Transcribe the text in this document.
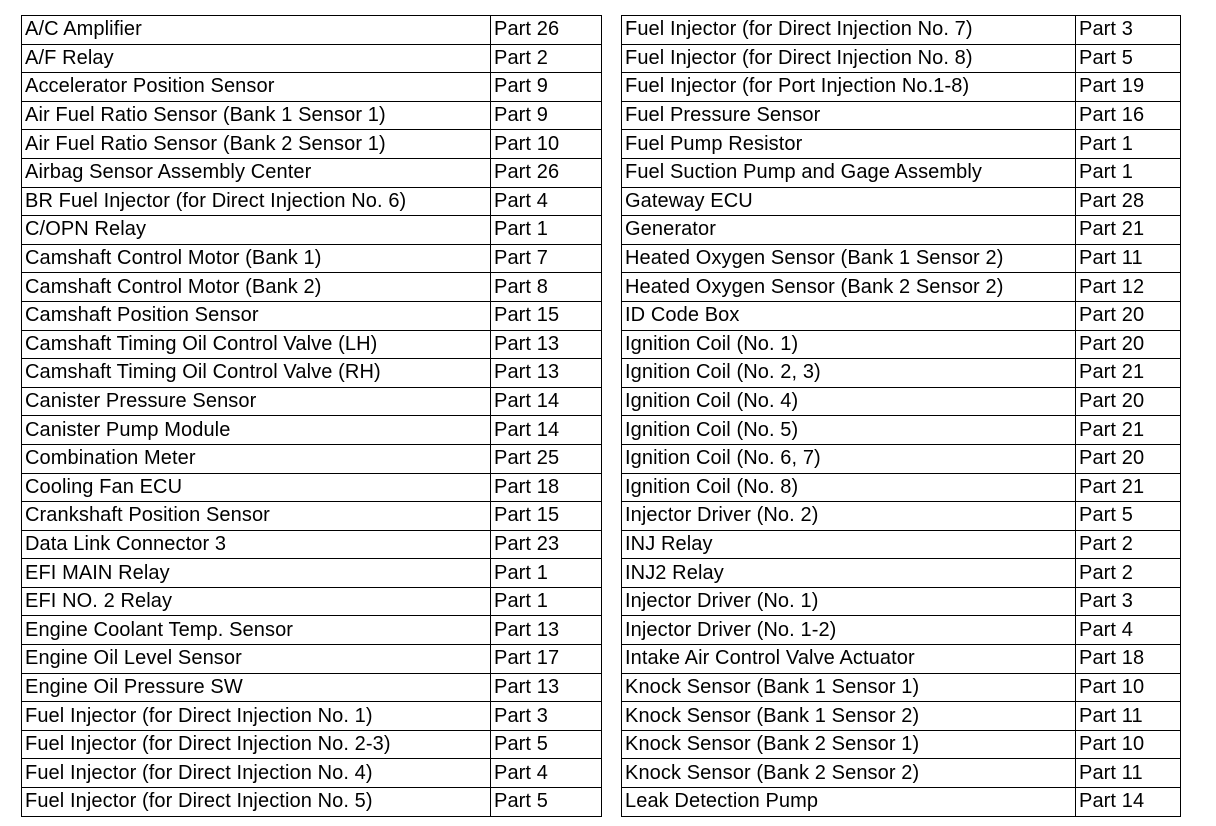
A/C Amplifier	Part 26
A/F Relay	Part 2
Accelerator Position Sensor	Part 9
Air Fuel Ratio Sensor (Bank 1 Sensor 1)	Part 9
Air Fuel Ratio Sensor (Bank 2 Sensor 1)	Part 10
Airbag Sensor Assembly Center	Part 26
BR Fuel Injector (for Direct Injection No. 6)	Part 4
C/OPN Relay	Part 1
Camshaft Control Motor (Bank 1)	Part 7
Camshaft Control Motor (Bank 2)	Part 8
Camshaft Position Sensor	Part 15
Camshaft Timing Oil Control Valve (LH)	Part 13
Camshaft Timing Oil Control Valve (RH)	Part 13
Canister Pressure Sensor	Part 14
Canister Pump Module	Part 14
Combination Meter	Part 25
Cooling Fan ECU	Part 18
Crankshaft Position Sensor	Part 15
Data Link Connector 3	Part 23
EFI MAIN Relay	Part 1
EFI NO. 2 Relay	Part 1
Engine Coolant Temp. Sensor	Part 13
Engine Oil Level Sensor	Part 17
Engine Oil Pressure SW	Part 13
Fuel Injector (for Direct Injection No. 1)	Part 3
Fuel Injector (for Direct Injection No. 2-3)	Part 5
Fuel Injector (for Direct Injection No. 4)	Part 4
Fuel Injector (for Direct Injection No. 5)	Part 5
Fuel Injector (for Direct Injection No. 7)	Part 3
Fuel Injector (for Direct Injection No. 8)	Part 5
Fuel Injector (for Port Injection No.1-8)	Part 19
Fuel Pressure Sensor	Part 16
Fuel Pump Resistor	Part 1
Fuel Suction Pump and Gage Assembly	Part 1
Gateway ECU	Part 28
Generator	Part 21
Heated Oxygen Sensor (Bank 1 Sensor 2)	Part 11
Heated Oxygen Sensor (Bank 2 Sensor 2)	Part 12
ID Code Box	Part 20
Ignition Coil (No. 1)	Part 20
Ignition Coil (No. 2, 3)	Part 21
Ignition Coil (No. 4)	Part 20
Ignition Coil (No. 5)	Part 21
Ignition Coil (No. 6, 7)	Part 20
Ignition Coil (No. 8)	Part 21
Injector Driver (No. 2)	Part 5
INJ Relay	Part 2
INJ2 Relay	Part 2
Injector Driver (No. 1)	Part 3
Injector Driver (No. 1-2)	Part 4
Intake Air Control Valve Actuator	Part 18
Knock Sensor (Bank 1 Sensor 1)	Part 10
Knock Sensor (Bank 1 Sensor 2)	Part 11
Knock Sensor (Bank 2 Sensor 1)	Part 10
Knock Sensor (Bank 2 Sensor 2)	Part 11
Leak Detection Pump	Part 14
